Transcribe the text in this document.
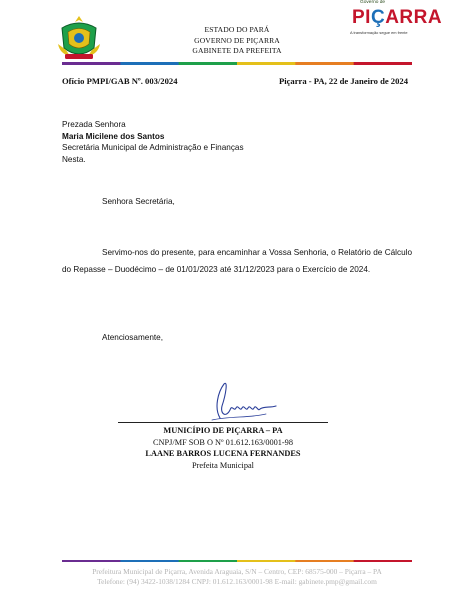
ESTADO DO PARÁ
GOVERNO DE PIÇARRA
GABINETE DA PREFEITA
Governo de
PIÇARRA
A transformação segue em frente
Ofício PMPI/GAB Nº. 003/2024	Piçarra - PA, 22 de Janeiro de 2024
Prezada Senhora
Maria Micilene dos Santos
Secretária Municipal de Administração e Finanças
Nesta.
Senhora Secretária,
Servimo-nos do presente, para encaminhar a Vossa Senhoria, o Relatório de Cálculo do Repasse – Duodécimo – de 01/01/2023 até 31/12/2023 para o Exercício de 2024.
Atenciosamente,
MUNICÍPIO DE PIÇARRA – PA
CNPJ/MF SOB O Nº 01.612.163/0001-98
LAANE BARROS LUCENA FERNANDES
Prefeita Municipal
Prefeitura Municipal de Piçarra, Avenida Araguaia, S/N – Centro, CEP: 68575-000 – Piçarra – PA
Telefone: (94) 3422-1038/1284 CNPJ: 01.612.163/0001-98 E-mail: gabinete.pmp@gmail.com
